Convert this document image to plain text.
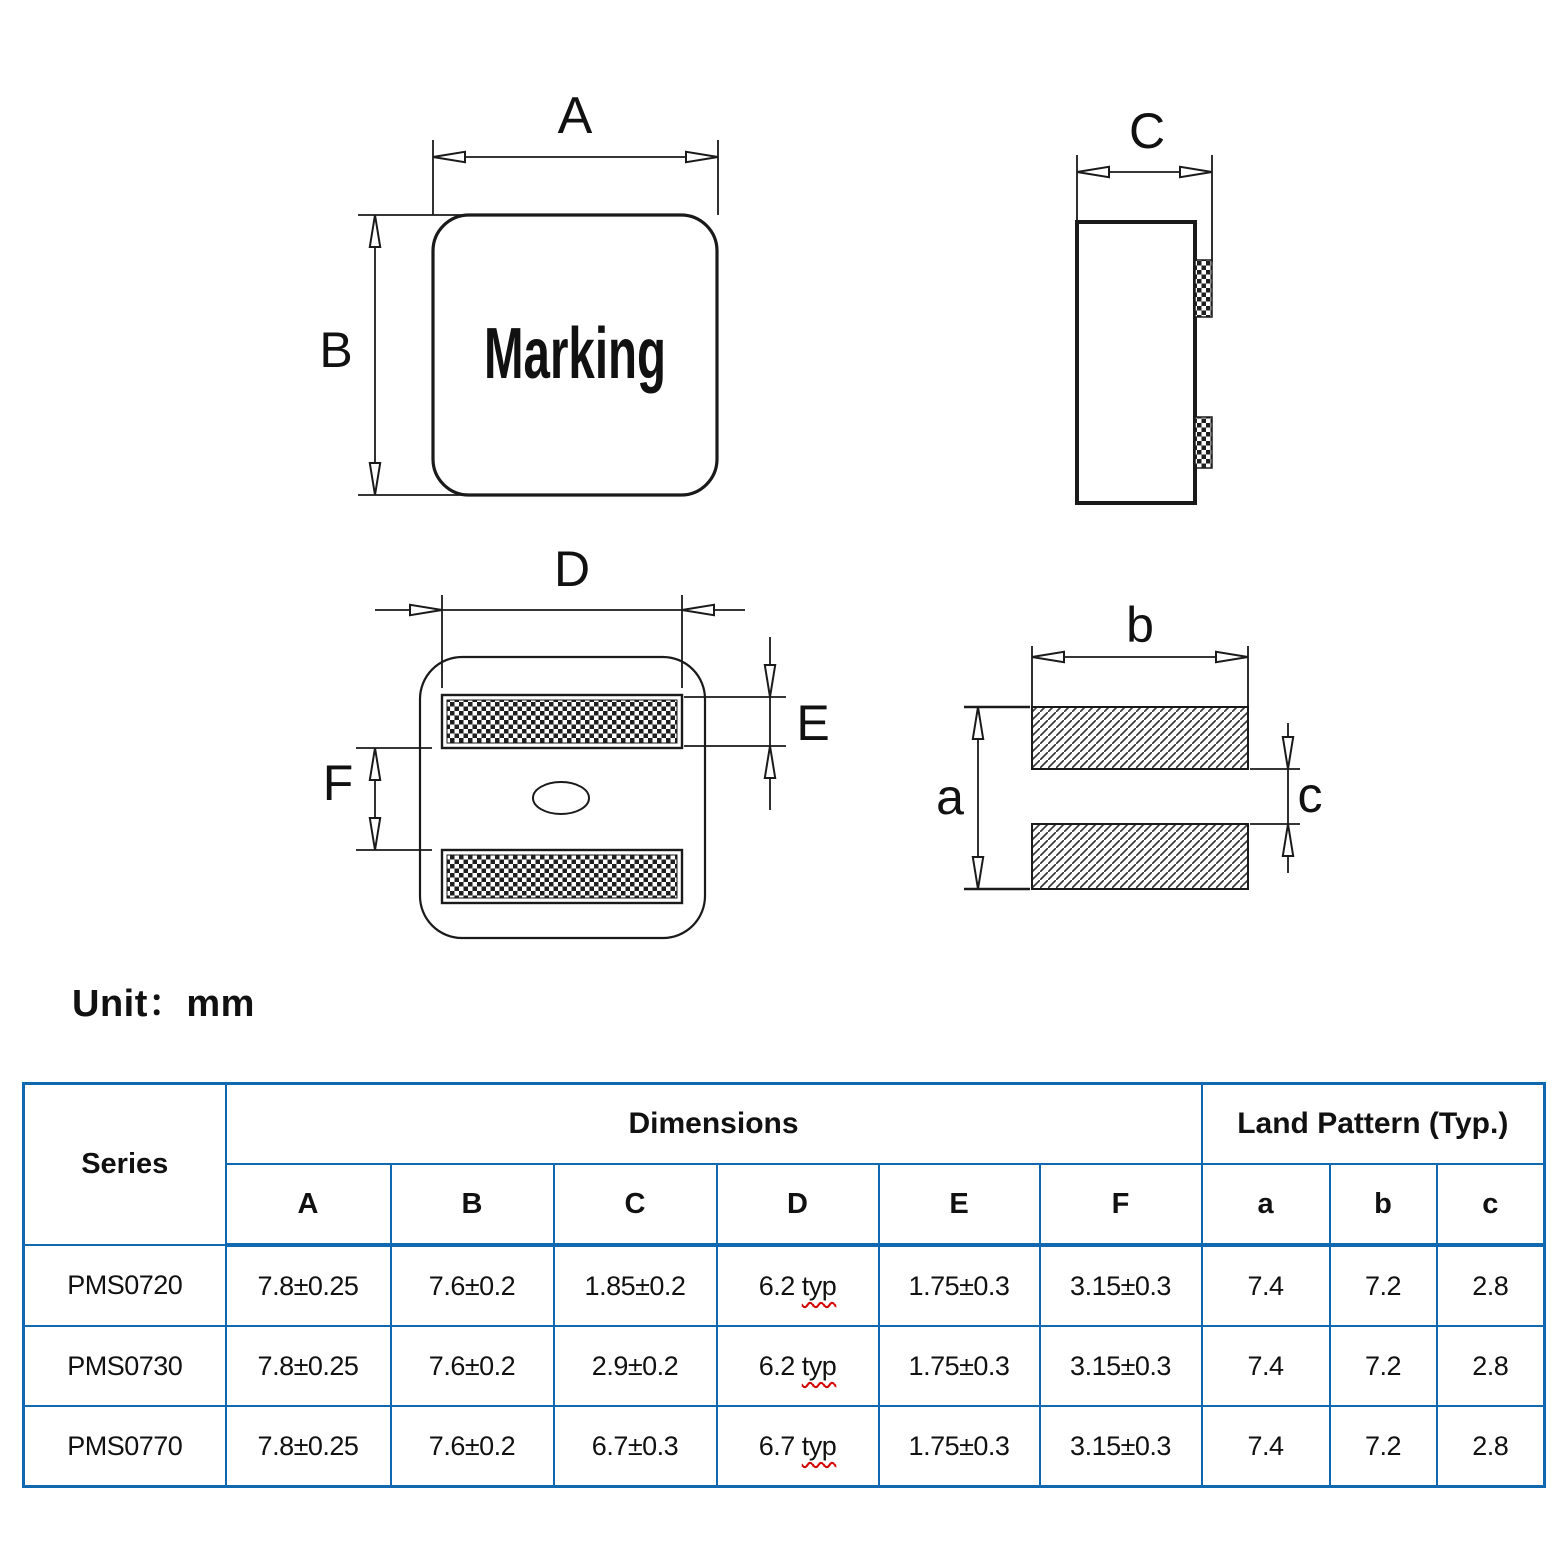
A
B Marking
C
D
E
F
b
a	c
Unit：mm
Series	Dimensions						Land Pattern (Typ.)		
	A	B	C	D	E	F	a	b	c
PMS0720	7.8±0.25	7.6±0.2	1.85±0.2	6.2 typ	1.75±0.3	3.15±0.3	7.4	7.2	2.8
PMS0730	7.8±0.25	7.6±0.2	2.9±0.2	6.2 typ	1.75±0.3	3.15±0.3	7.4	7.2	2.8
PMS0770	7.8±0.25	7.6±0.2	6.7±0.3	6.7 typ	1.75±0.3	3.15±0.3	7.4	7.2	2.8
